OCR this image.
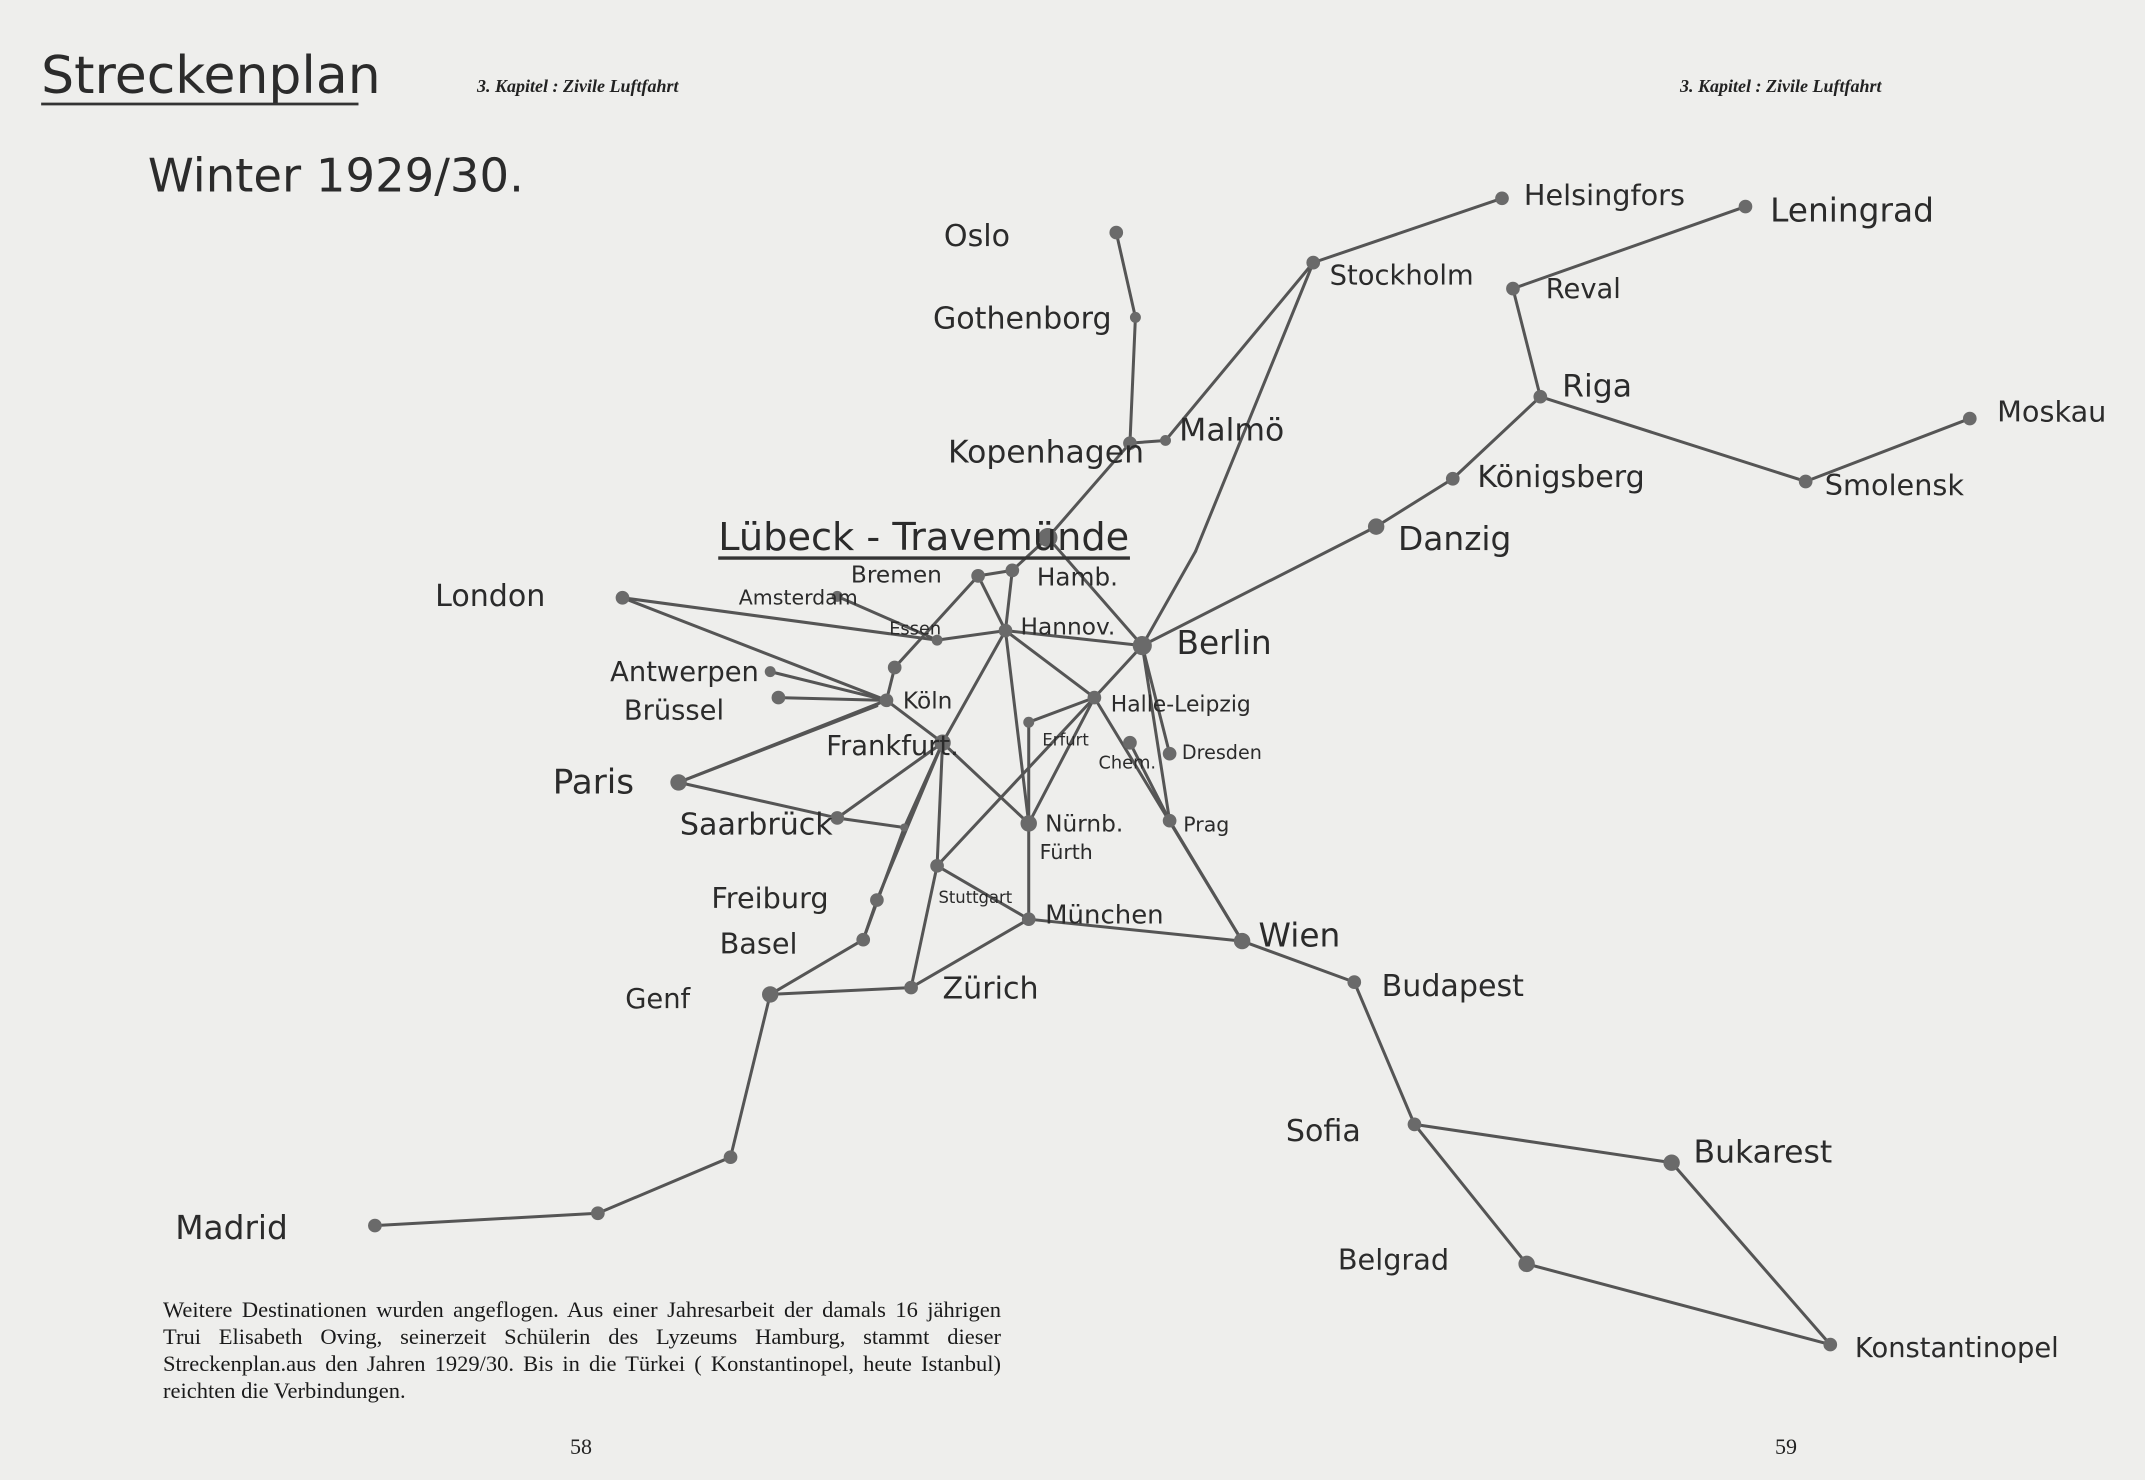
3. Kapitel : Zivile Luftfahrt	3. Kapitel : Zivile Luftfahrt
Streckenplan
Winter 1929/30.
Lübeck - Travemünde
Oslo
Gothenborg
Kopenhagen
Malmö
Stockholm
Helsingfors	Leningrad
Reval
Riga
Moskau
Smolensk
Königsberg
Danzig
Bremen	Hamb.
Amsterdam
London
Essen	Hannov.	Berlin
Antwerpen
Brüssel	Köln	Halle-Leipzig
Frankfurt.	Erfurt
Chem. Dresden
Paris
Saarbrück	Nürnb.
Fürth
Prag
Freiburg	Stuttgart
München
Basel	Wien
Genf	Zürich	Budapest
Sofia
Bukarest
Belgrad
Madrid
Konstantinopel
Weitere Destinationen wurden angeflogen. Aus einer Jahresarbeit der damals 16 jährigen Trui Elisabeth Oving, seinerzeit Schülerin des Lyzeums Hamburg, stammt dieser Streckenplan.aus den Jahren 1929/30. Bis in die Türkei ( Konstantinopel, heute Istanbul) reichten die Verbindungen.
58	59
